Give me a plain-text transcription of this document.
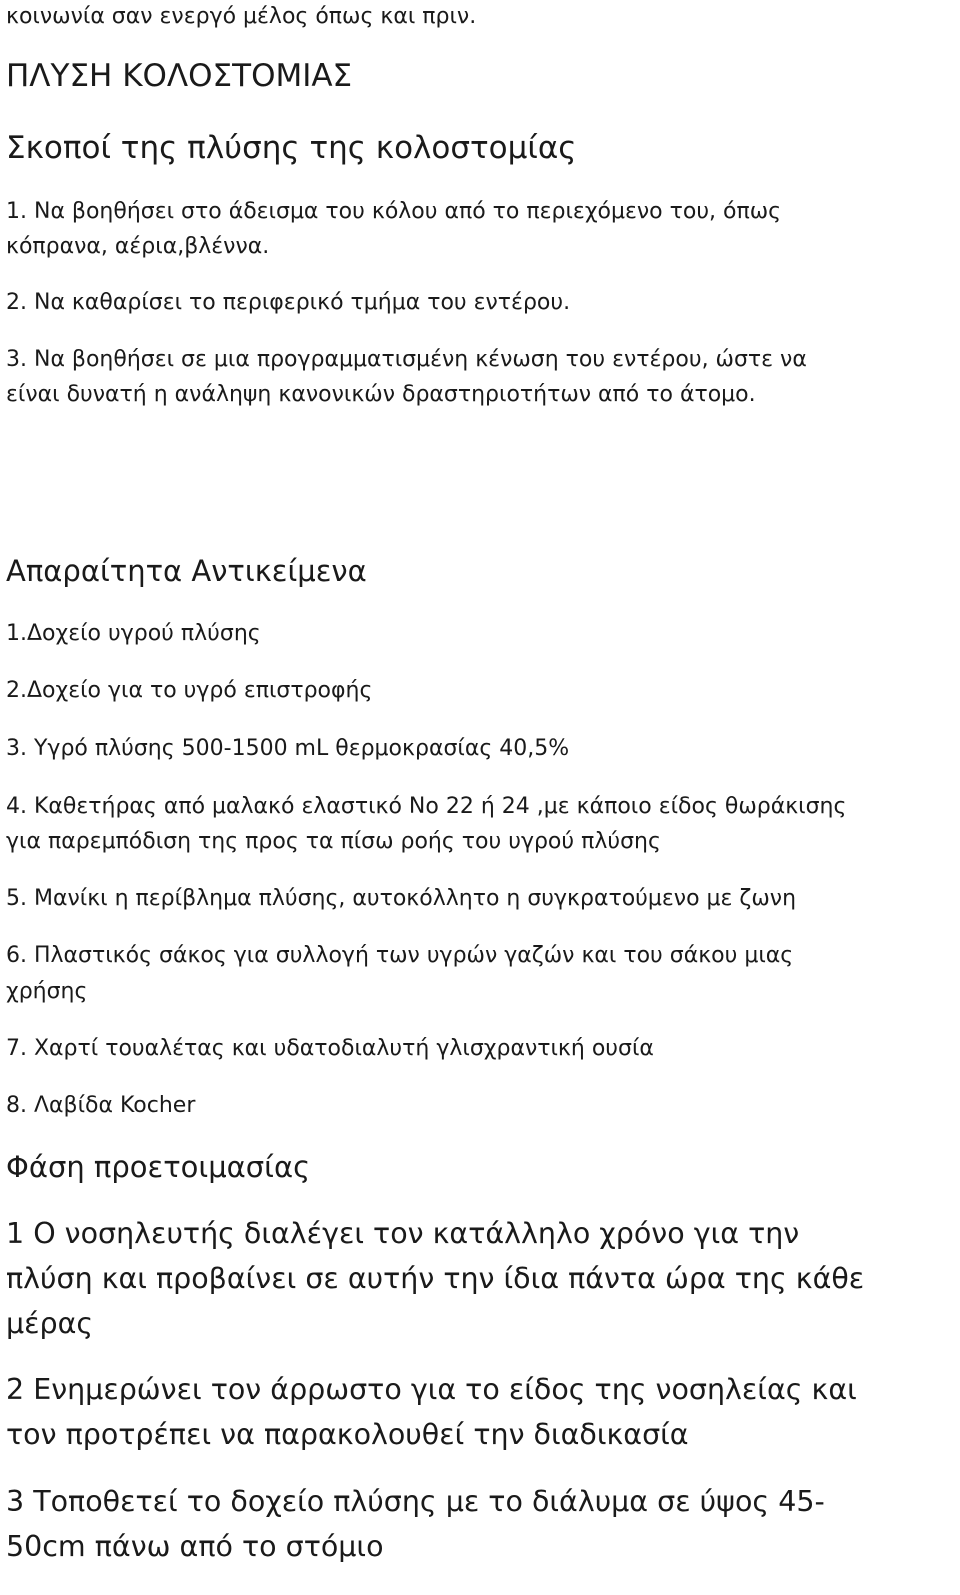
κοινωνία σαν ενεργό μέλος όπως και πριν.

ΠΛΥΣΗ ΚΟΛΟΣΤΟΜΙΑΣ

Σκοποί της πλύσης της κολοστομίας

1. Να βοηθήσει στο άδεισμα του κόλου από το περιεχόμενο του, όπως

κόπρανα, αέρια,βλέννα.

2. Να καθαρίσει το περιφερικό τμήμα του εντέρου.

3. Να βοηθήσει σε μια προγραμματισμένη κένωση του εντέρου, ώστε να

είναι δυνατή η ανάληψη κανονικών δραστηριοτήτων από το άτομο.

Απαραίτητα Αντικείμενα

1.Δοχείο υγρού πλύσης

2.Δοχείο για το υγρό επιστροφής

3. Υγρό πλύσης 500-1500 mL θερμοκρασίας 40,5%

4. Καθετήρας από μαλακό ελαστικό Νο 22 ή 24 ,με κάποιο είδος θωράκισης

για παρεμπόδιση της προς τα πίσω ροής του υγρού πλύσης

5. Μανίκι η περίβλημα πλύσης, αυτοκόλλητο η συγκρατούμενο με ζωνη

6. Πλαστικός σάκος για συλλογή των υγρών γαζών και του σάκου μιας

χρήσης

7. Χαρτί τουαλέτας και υδατοδιαλυτή γλισχραντική ουσία

8. Λαβίδα Kocher

Φάση προετοιμασίας

1 Ο νοσηλευτής διαλέγει τον κατάλληλο χρόνο για την

πλύση και προβαίνει σε αυτήν την ίδια πάντα ώρα της κάθε

μέρας

2 Ενημερώνει τον άρρωστο για το είδος της νοσηλείας και

τον προτρέπει να παρακολουθεί την διαδικασία

3 Τοποθετεί το δοχείο πλύσης με το διάλυμα σε ύψος 45-

50cm πάνω από το στόμιο
